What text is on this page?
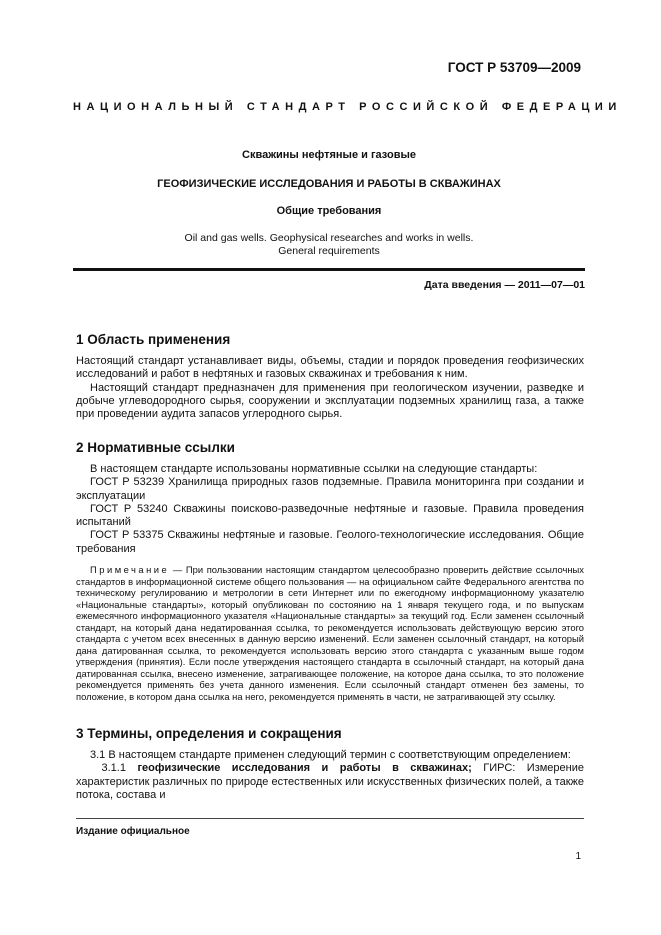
ГОСТ Р 53709—2009
НАЦИОНАЛЬНЫЙ СТАНДАРТ РОССИЙСКОЙ ФЕДЕРАЦИИ
Скважины нефтяные и газовые
ГЕОФИЗИЧЕСКИЕ ИССЛЕДОВАНИЯ И РАБОТЫ В СКВАЖИНАХ
Общие требования
Oil and gas wells. Geophysical researches and works in wells.
General requirements
Дата введения — 2011—07—01
1 Область применения

Настоящий стандарт устанавливает виды, объемы, стадии и порядок проведения геофизических исследований и работ в нефтяных и газовых скважинах и требования к ним.

Настоящий стандарт предназначен для применения при геологическом изучении, разведке и добыче углеводородного сырья, сооружении и эксплуатации подземных хранилищ газа, а также при проведении аудита запасов углеродного сырья.

2 Нормативные ссылки

В настоящем стандарте использованы нормативные ссылки на следующие стандарты:

ГОСТ Р 53239 Хранилища природных газов подземные. Правила мониторинга при создании и эксплуатации

ГОСТ Р 53240 Скважины поисково-разведочные нефтяные и газовые. Правила проведения испытаний

ГОСТ Р 53375 Скважины нефтяные и газовые. Геолого-технологические исследования. Общие требования

Примечание — При пользовании настоящим стандартом целесообразно проверить действие ссылочных стандартов в информационной системе общего пользования — на официальном сайте Федерального агентства по техническому регулированию и метрологии в сети Интернет или по ежегодному информационному указателю «Национальные стандарты», который опубликован по состоянию на 1 января текущего года, и по выпускам ежемесячного информационного указателя «Национальные стандарты» за текущий год. Если заменен ссылочный стандарт, на который дана недатированная ссылка, то рекомендуется использовать действующую версию этого стандарта с учетом всех внесенных в данную версию изменений. Если заменен ссылочный стандарт, на который дана датированная ссылка, то рекомендуется использовать версию этого стандарта с указанным выше годом утверждения (принятия). Если после утверждения настоящего стандарта в ссылочный стандарт, на который дана датированная ссылка, внесено изменение, затрагивающее положение, на которое дана ссылка, то это положение рекомендуется применять без учета данного изменения. Если ссылочный стандарт отменен без замены, то положение, в котором дана ссылка на него, рекомендуется применять в части, не затрагивающей эту ссылку.
3 Термины, определения и сокращения

3.1 В настоящем стандарте применен следующий термин с соответствующим определением:

3.1.1 геофизические исследования и работы в скважинах; ГИРС: Измерение характеристик различных по природе естественных или искусственных физических полей, а также потока, состава и

Издание официальное
1
